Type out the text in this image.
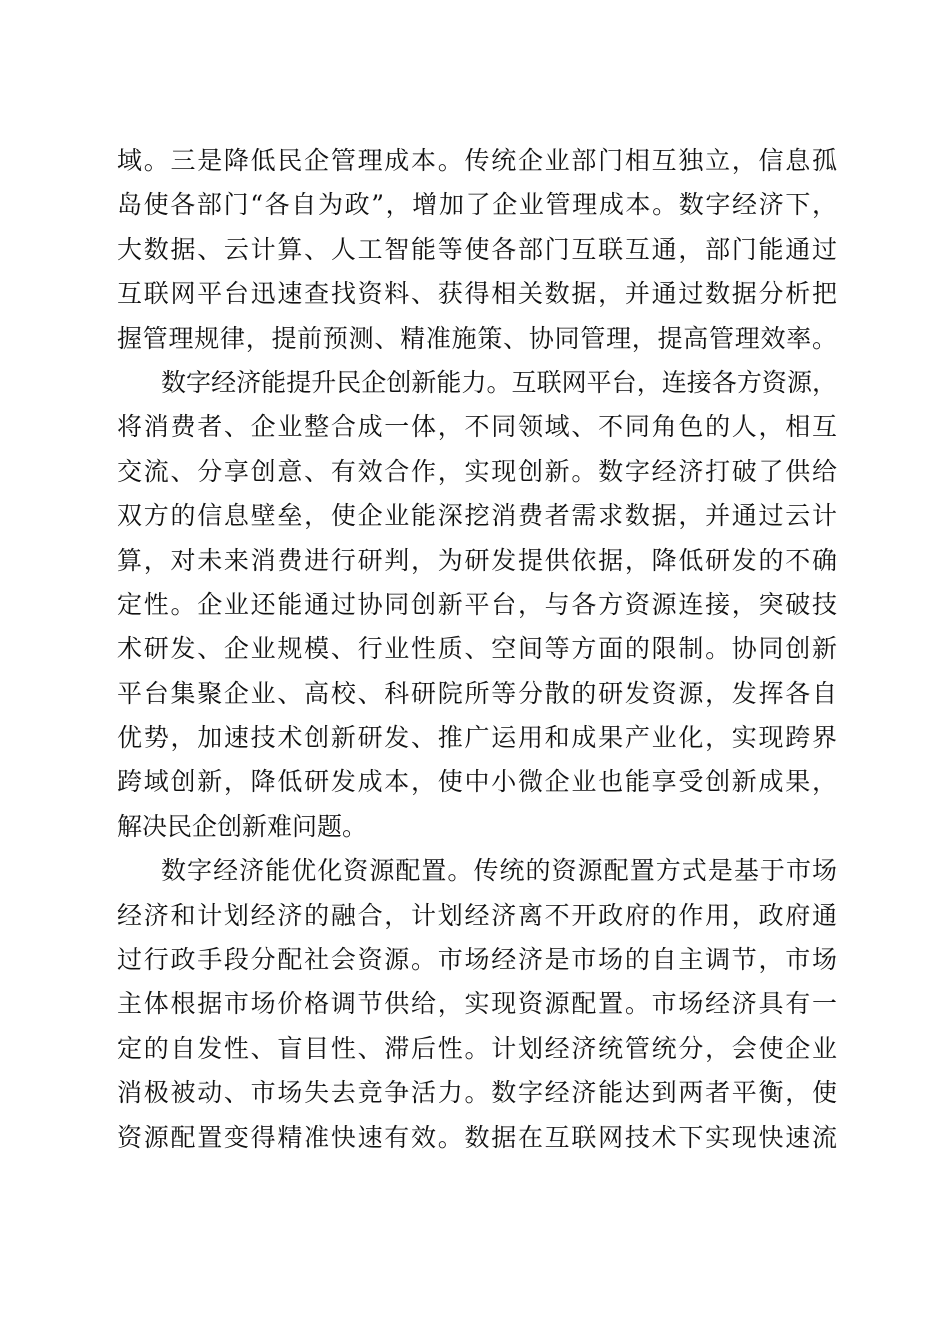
域。三是降低民企管理成本。传统企业部门相互独立，信息孤
岛使各部门“各自为政”，增加了企业管理成本。数字经济下，
大数据、云计算、人工智能等使各部门互联互通，部门能通过
互联网平台迅速查找资料、获得相关数据，并通过数据分析把
握管理规律，提前预测、精准施策、协同管理，提高管理效率。
数字经济能提升民企创新能力。互联网平台，连接各方资源，
将消费者、企业整合成一体，不同领域、不同角色的人，相互
交流、分享创意、有效合作，实现创新。数字经济打破了供给
双方的信息壁垒，使企业能深挖消费者需求数据，并通过云计
算，对未来消费进行研判，为研发提供依据，降低研发的不确
定性。企业还能通过协同创新平台，与各方资源连接，突破技
术研发、企业规模、行业性质、空间等方面的限制。协同创新
平台集聚企业、高校、科研院所等分散的研发资源，发挥各自
优势，加速技术创新研发、推广运用和成果产业化，实现跨界
跨域创新，降低研发成本，使中小微企业也能享受创新成果，
解决民企创新难问题。
数字经济能优化资源配置。传统的资源配置方式是基于市场
经济和计划经济的融合，计划经济离不开政府的作用，政府通
过行政手段分配社会资源。市场经济是市场的自主调节，市场
主体根据市场价格调节供给，实现资源配置。市场经济具有一
定的自发性、盲目性、滞后性。计划经济统管统分，会使企业
消极被动、市场失去竞争活力。数字经济能达到两者平衡，使
资源配置变得精准快速有效。数据在互联网技术下实现快速流
